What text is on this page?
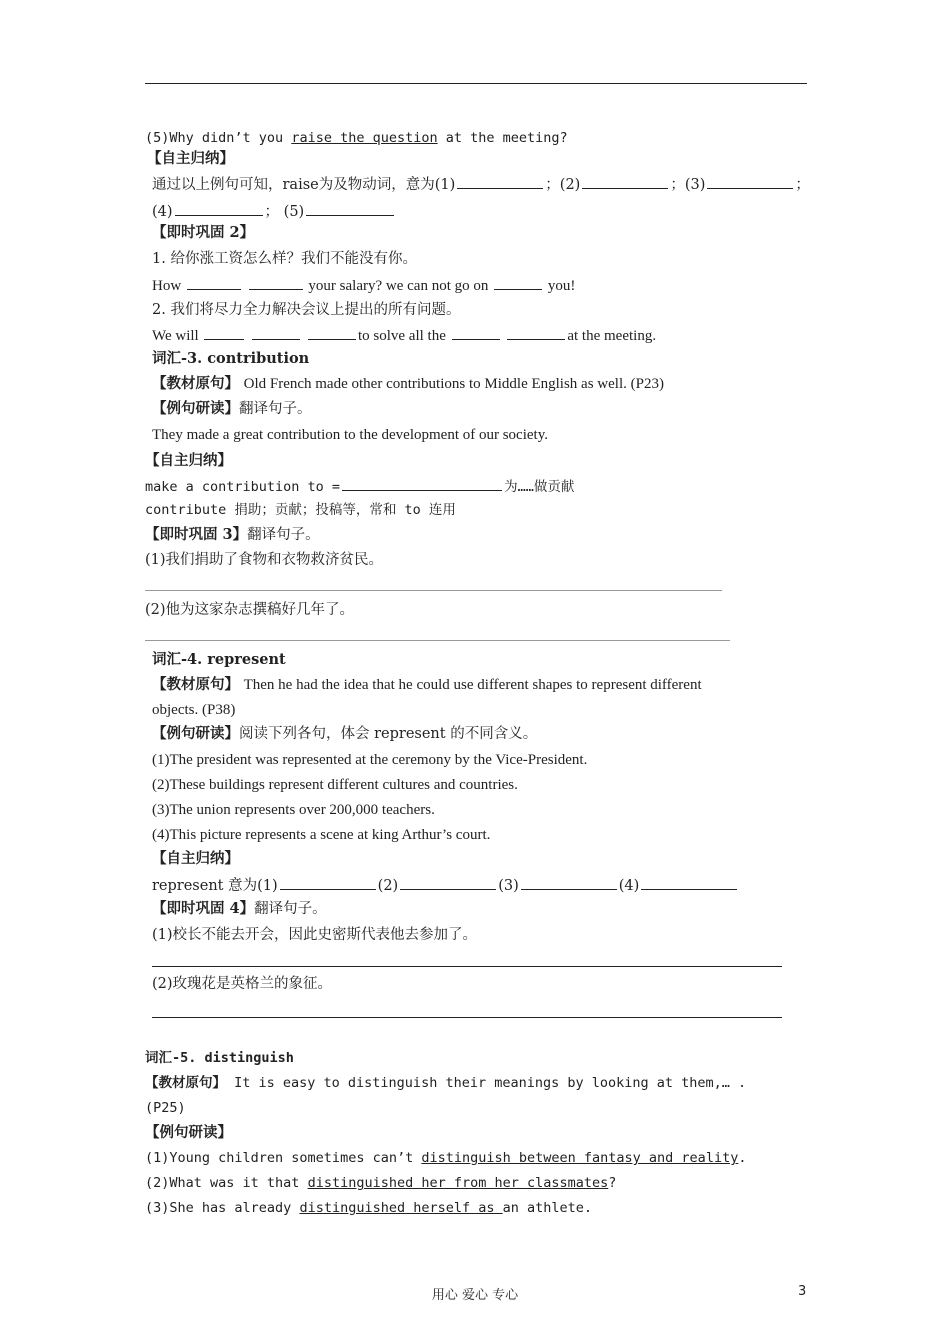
(5)Why didn’t you raise the question at the meeting?
【自主归纳】
通过以上例句可知，raise为及物动词，意为(1)	；(2)	；(3)	；
(4)	； (5)
【即时巩固 2】
1. 给你涨工资怎么样？我们不能没有你。
How	your salary? we can not go on	you!
2. 我们将尽力全力解决会议上提出的所有问题。
We will	to solve all the	at the meeting.
词汇-3. contribution
【教材原句】 Old French made other contributions to Middle English as well. (P23)
【例句研读】翻译句子。
They made a great contribution to the development of our society.
【自主归纳】
make a contribution to =	为……做贡献
contribute 捐助；贡献；投稿等，常和 to 连用
【即时巩固 3】翻译句子。
(1)我们捐助了食物和衣物救济贫民。
(2)他为这家杂志撰稿好几年了。
词汇-4. represent
【教材原句】 Then he had the idea that he could use different shapes to represent different
objects. (P38)
【例句研读】阅读下列各句，体会 represent 的不同含义。
(1)The president was represented at the ceremony by the Vice-President.
(2)These buildings represent different cultures and countries.
(3)The union represents over 200,000 teachers.
(4)This picture represents a scene at king Arthur’s court.
【自主归纳】
represent 意为(1)	(2)	(3)	(4)
【即时巩固 4】翻译句子。
(1)校长不能去开会，因此史密斯代表他去参加了。
(2)玫瑰花是英格兰的象征。
词汇-5. distinguish
【教材原句】 It is easy to distinguish their meanings by looking at them,… .
(P25)
【例句研读】
(1)Young children sometimes can’t distinguish between fantasy and reality.
(2)What was it that distinguished her from her classmates?
(3)She has already distinguished herself as an athlete.
用心 爱心 专心	3
